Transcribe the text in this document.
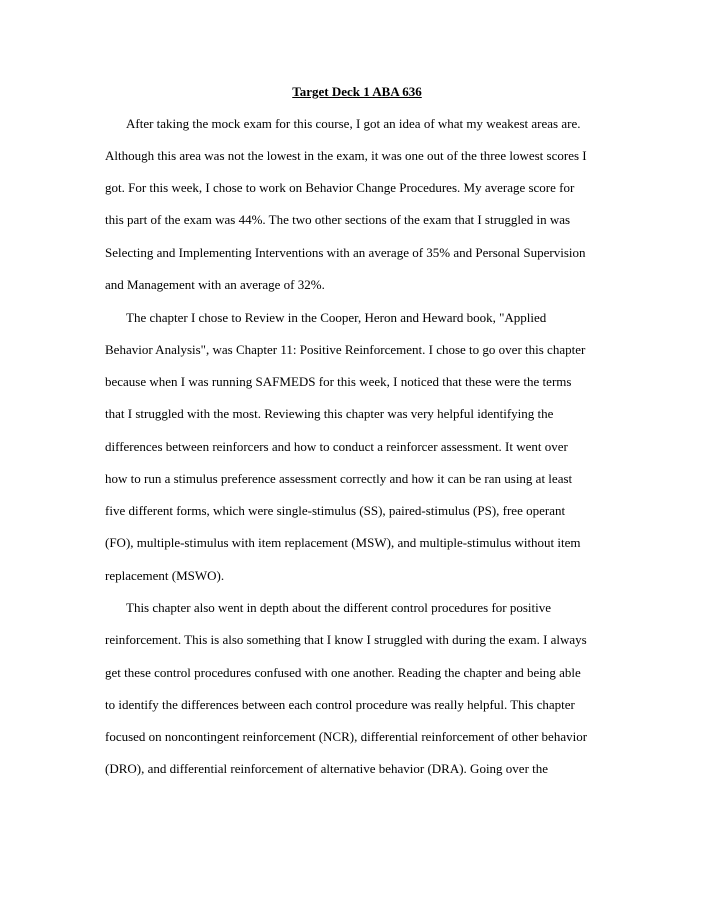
Target Deck 1 ABA 636
After taking the mock exam for this course, I got an idea of what my weakest areas are.
Although this area was not the lowest in the exam, it was one out of the three lowest scores I
got. For this week, I chose to work on Behavior Change Procedures. My average score for
this part of the exam was 44%. The two other sections of the exam that I struggled in was
Selecting and Implementing Interventions with an average of 35% and Personal Supervision
and Management with an average of 32%.
The chapter I chose to Review in the Cooper, Heron and Heward book, "Applied
Behavior Analysis", was Chapter 11: Positive Reinforcement. I chose to go over this chapter
because when I was running SAFMEDS for this week, I noticed that these were the terms
that I struggled with the most. Reviewing this chapter was very helpful identifying the
differences between reinforcers and how to conduct a reinforcer assessment. It went over
how to run a stimulus preference assessment correctly and how it can be ran using at least
five different forms, which were single-stimulus (SS), paired-stimulus (PS), free operant
(FO), multiple-stimulus with item replacement (MSW), and multiple-stimulus without item
replacement (MSWO).
This chapter also went in depth about the different control procedures for positive
reinforcement. This is also something that I know I struggled with during the exam. I always
get these control procedures confused with one another. Reading the chapter and being able
to identify the differences between each control procedure was really helpful. This chapter
focused on noncontingent reinforcement (NCR), differential reinforcement of other behavior
(DRO), and differential reinforcement of alternative behavior (DRA). Going over the
